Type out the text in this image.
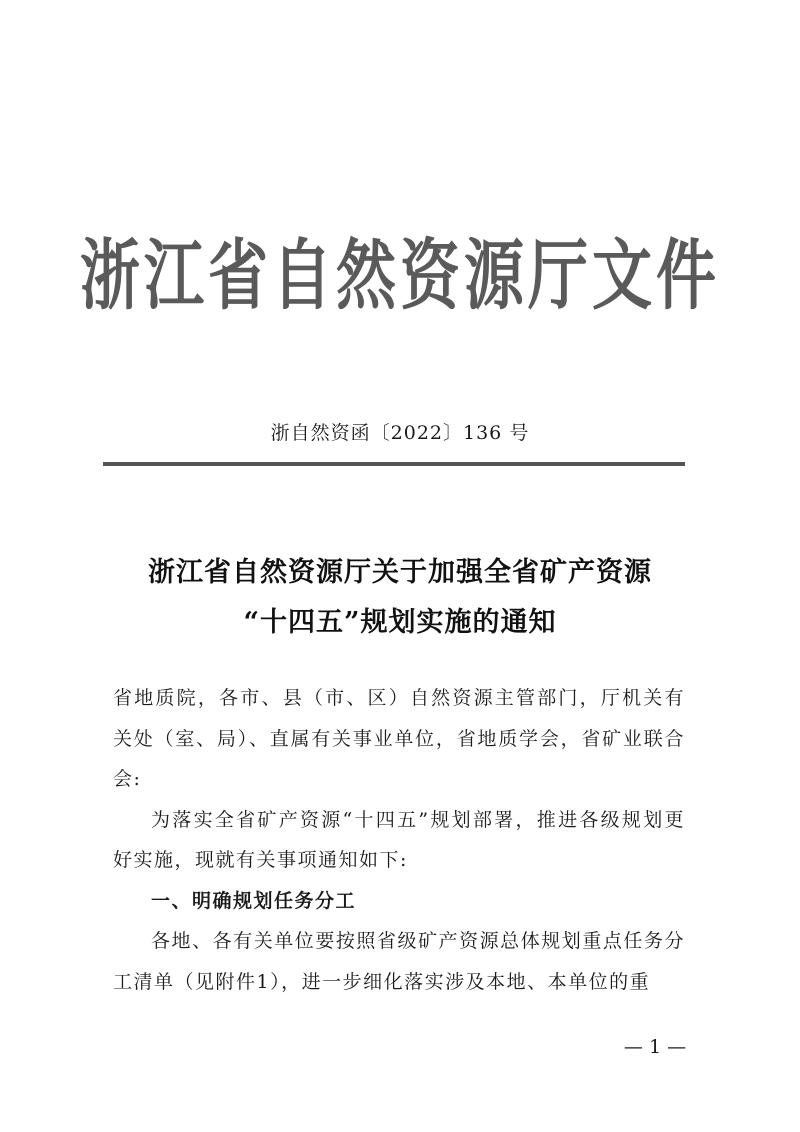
浙江省自然资源厅文件
浙自然资函〔2022〕136 号
浙江省自然资源厅关于加强全省矿产资源
“十四五”规划实施的通知

省地质院，各市、县（市、区）自然资源主管部门，厅机关有关处（室、局）、直属有关事业单位，省地质学会，省矿业联合会:

为落实全省矿产资源“十四五”规划部署，推进各级规划更好实施，现就有关事项通知如下:

一、明确规划任务分工

各地、各有关单位要按照省级矿产资源总体规划重点任务分工清单（见附件1），进一步细化落实涉及本地、本单位的重

— 1 —
